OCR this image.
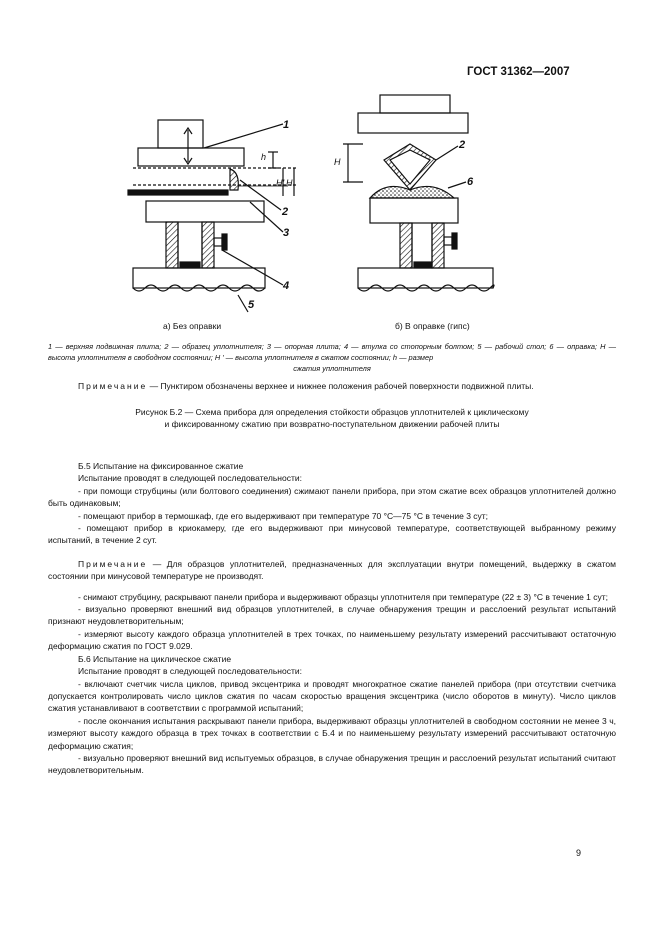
ГОСТ 31362—2007
1
2
3
4
5
h
H' H
2
6
H
а) Без оправки	б) В оправке (гипс)
1 — верхняя подвижная плита; 2 — образец уплотнителя; 3 — опорная плита; 4 — втулка со стопорным болтом; 5 — рабочий стол; 6 — оправка; Н — высота уплотнителя в свободном состоянии; Н ' — высота уплотнителя в сжатом состоянии; h — размер
сжатия уплотнителя
Примечание — Пунктиром обозначены верхнее и нижнее положения рабочей поверхности подвижной плиты.
Рисунок Б.2 — Схема прибора для определения стойкости образцов уплотнителей к циклическому
и фиксированному сжатию при возвратно-поступательном движении рабочей плиты

Б.5 Испытание на фиксированное сжатие

Испытание проводят в следующей последовательности:

- при помощи струбцины (или болтового соединения) сжимают панели прибора, при этом сжатие всех образцов уплотнителей должно быть одинаковым;

- помещают прибор в термошкаф, где его выдерживают при температуре 70 °С—75 °С в течение 3 сут;

- помещают прибор в криокамеру, где его выдерживают при минусовой температуре, соответствующей выбранному режиму испытаний, в течение 2 сут.

Примечание — Для образцов уплотнителей, предназначенных для эксплуатации внутри помещений, выдержку в сжатом состоянии при минусовой температуре не производят.

- снимают струбцину, раскрывают панели прибора и выдерживают образцы уплотнителя при температуре (22 ± 3) °С в течение 1 сут;

- визуально проверяют внешний вид образцов уплотнителей, в случае обнаружения трещин и расслоений результат испытаний признают неудовлетворительным;

- измеряют высоту каждого образца уплотнителей в трех точках, по наименьшему результату измерений рассчитывают остаточную деформацию сжатия по ГОСТ 9.029.

Б.6 Испытание на циклическое сжатие

Испытание проводят в следующей последовательности:

- включают счетчик числа циклов, привод эксцентрика и проводят многократное сжатие панелей прибора (при отсутствии счетчика допускается контролировать число циклов сжатия по часам скоростью вращения эксцентрика (число оборотов в минуту). Число циклов сжатия устанавливают в соответствии с программой испытаний;

- после окончания испытания раскрывают панели прибора, выдерживают образцы уплотнителей в свободном состоянии не менее 3 ч, измеряют высоту каждого образца в трех точках в соответствии с Б.4 и по наименьшему результату измерений рассчитывают остаточную деформацию сжатия;

- визуально проверяют внешний вид испытуемых образцов, в случае обнаружения трещин и расслоений результат испытаний считают неудовлетворительным.

9
